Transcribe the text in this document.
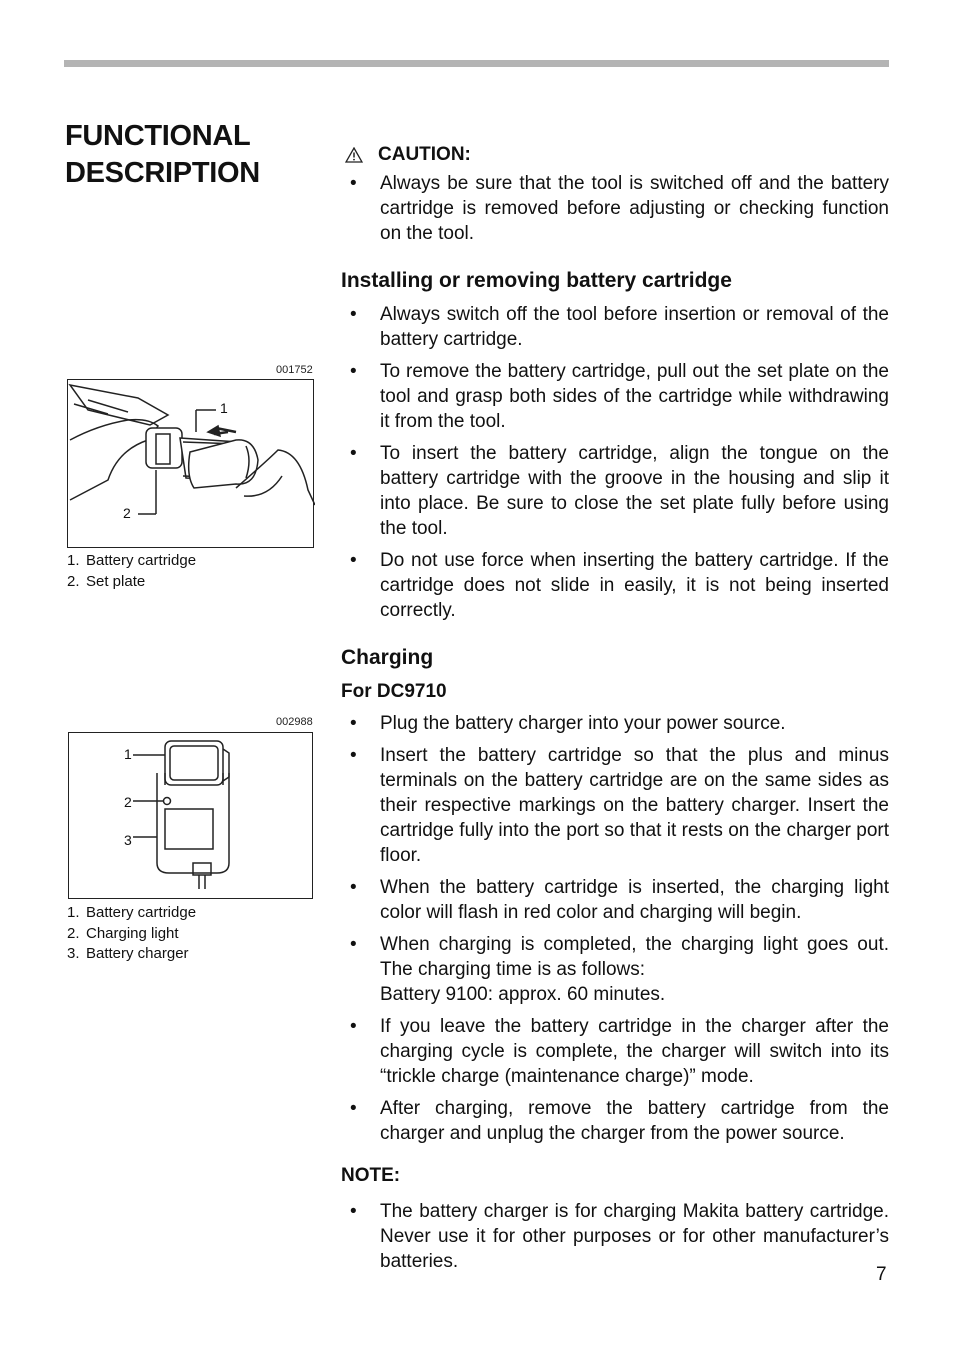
FUNCTIONAL DESCRIPTION
001752
1
2
1. Battery cartridge
2. Set plate
002988
1
2
3
1. Battery cartridge
2. Charging light
3. Battery charger
CAUTION:
• Always be sure that the tool is switched off and the battery cartridge is removed before adjusting or checking function on the tool.
Installing or removing battery cartridge
• Always switch off the tool before insertion or removal of the battery cartridge.
• To remove the battery cartridge, pull out the set plate on the tool and grasp both sides of the cartridge while withdrawing it from the tool.
• To insert the battery cartridge, align the tongue on the battery cartridge with the groove in the housing and slip it into place. Be sure to close the set plate fully before using the tool.
• Do not use force when inserting the battery cartridge. If the cartridge does not slide in easily, it is not being inserted correctly.
Charging
For DC9710
• Plug the battery charger into your power source.
• Insert the battery cartridge so that the plus and minus terminals on the battery cartridge are on the same sides as their respective markings on the battery charger. Insert the cartridge fully into the port so that it rests on the charger port floor.
• When the battery cartridge is inserted, the charging light color will flash in red color and charging will begin.
• When charging is completed, the charging light goes out. The charging time is as follows:
Battery 9100: approx. 60 minutes.
• If you leave the battery cartridge in the charger after the charging cycle is complete, the charger will switch into its “trickle charge (maintenance charge)” mode.
• After charging, remove the battery cartridge from the charger and unplug the charger from the power source.
NOTE:
• The battery charger is for charging Makita battery cartridge. Never use it for other purposes or for other manufacturer’s batteries.
7
